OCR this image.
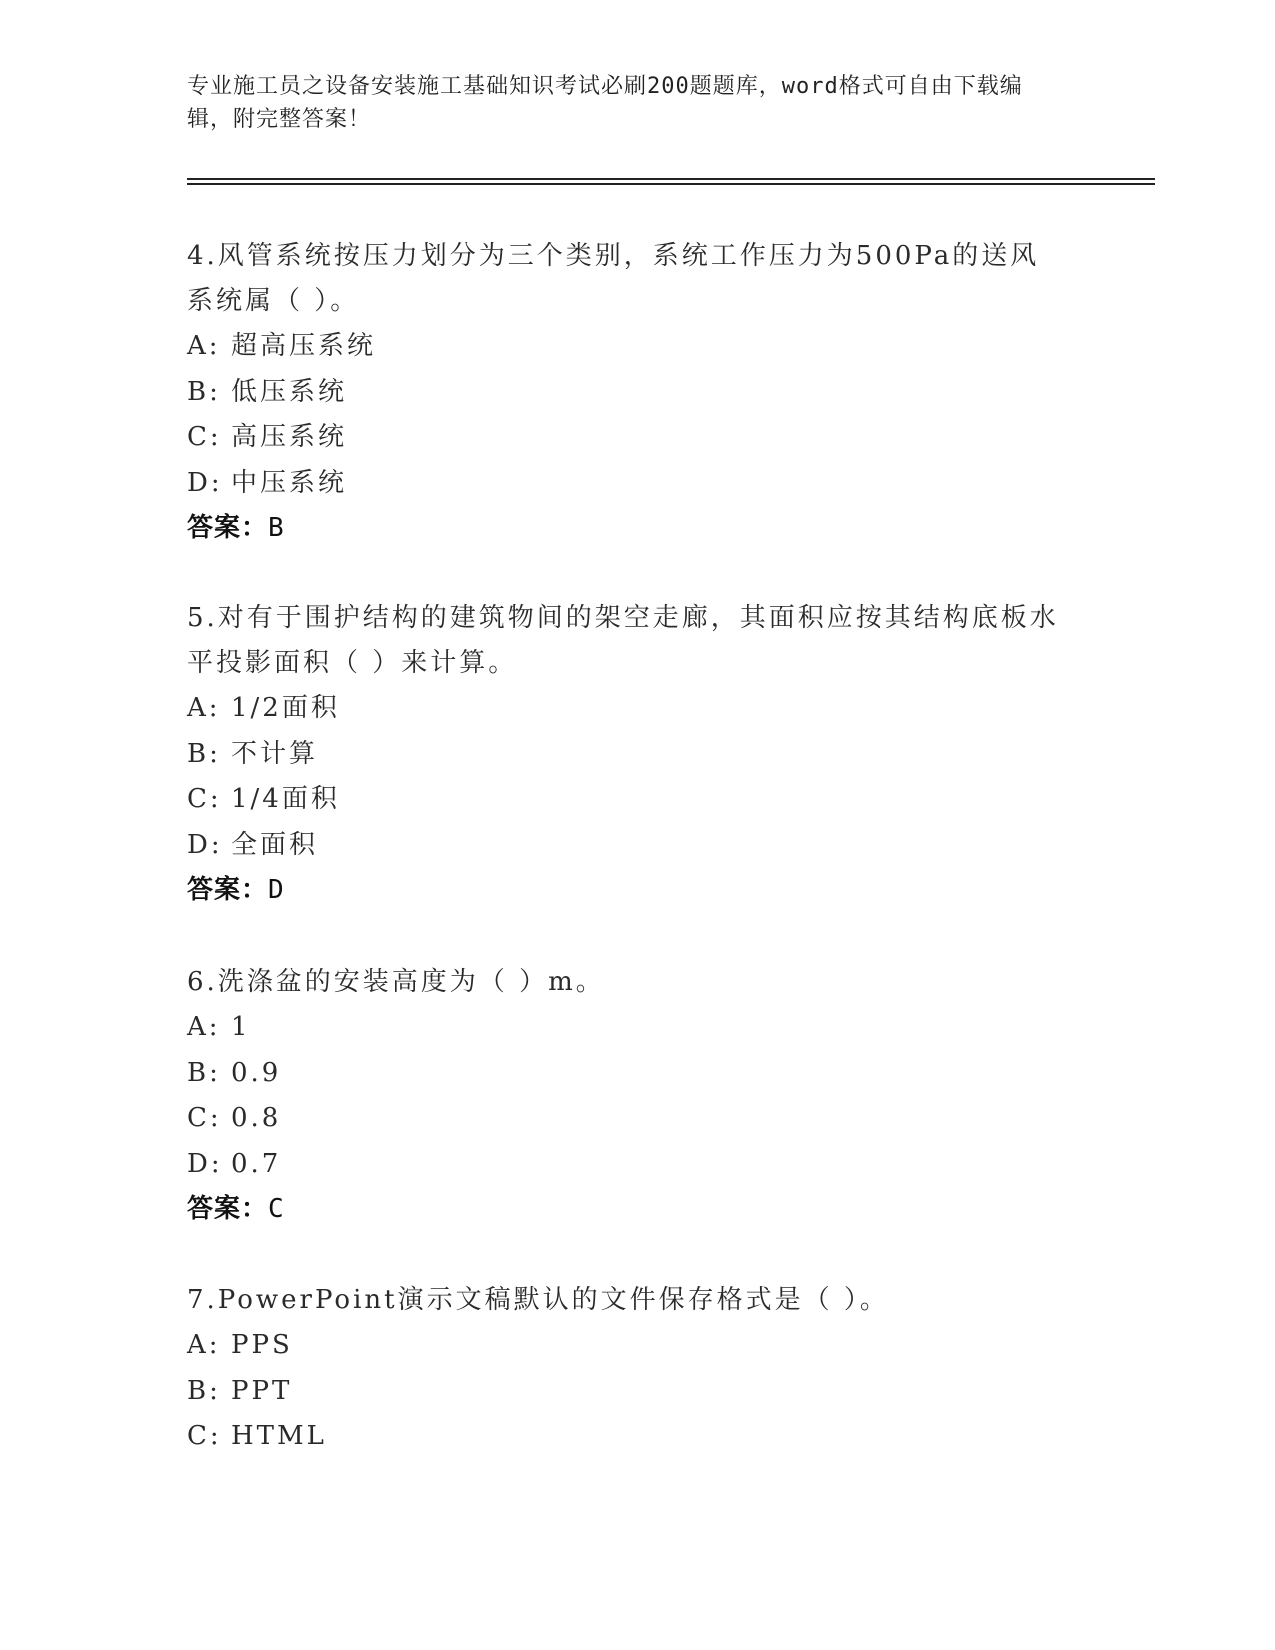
专业施工员之设备安装施工基础知识考试必刷200题题库，word格式可自由下载编辑，附完整答案！

4.风管系统按压力划分为三个类别，系统工作压力为500Pa的送风系统属（ ）。

A: 超高压系统
B: 低压系统
C: 高压系统
D: 中压系统

答案：B

5.对有于围护结构的建筑物间的架空走廊，其面积应按其结构底板水平投影面积（ ）来计算。

A: 1/2面积
B: 不计算
C: 1/4面积
D: 全面积

答案：D

6.洗涤盆的安装高度为（ ）m。

A: 1
B: 0.9
C: 0.8
D: 0.7

答案：C

7.PowerPoint演示文稿默认的文件保存格式是（ ）。

A: PPS
B: PPT
C: HTML
